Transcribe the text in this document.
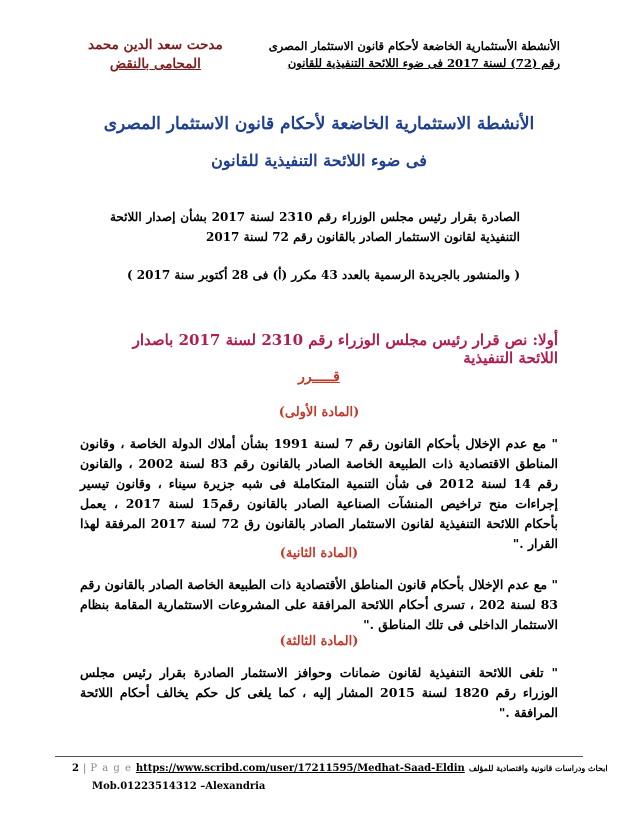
الأنشطة الأستثمارية الخاضعة لأحكام قانون الاستثمار المصرى
رقم (72) لسنة 2017 فى ضوء اللائحة التنفيذية للقانون
مدحت سعد الدين محمد
المحامى بالنقض
الأنشطة الاستثمارية الخاضعة لأحكام قانون الاستثمار المصرى
فى ضوء اللائحة التنفيذية للقانون
الصادرة بقرار رئيس مجلس الوزراء رقم 2310 لسنة 2017 بشأن إصدار اللائحة التنفيذية لقانون الاستثمار الصادر بالقانون رقم 72 لسنة 2017
( والمنشور بالجريدة الرسمية بالعدد 43 مكرر (أ) فى 28 أكتوبر سنة 2017 )
أولا: نص قرار رئيس مجلس الوزراء رقم 2310 لسنة 2017 باصدار اللائحة التنفيذية
قـــــرر
(المادة الأولى)
" مع عدم الإخلال بأحكام القانون رقم 7 لسنة 1991 بشأن أملاك الدولة الخاصة ، وقانون المناطق الاقتصادية ذات الطبيعة الخاصة الصادر بالقانون رقم 83 لسنة 2002 ، والقانون رقم 14 لسنة 2012 فى شأن التنمية المتكاملة فى شبه جزيرة سيناء ، وقانون تيسير إجراءات منح تراخيص المنشآت الصناعية الصادر بالقانون رقم15 لسنة 2017 ، يعمل بأحكام اللائحة التنفيذية لقانون الاستثمار الصادر بالقانون رق 72 لسنة 2017 المرفقة لهذا القرار ."
(المادة الثانية)
" مع عدم الإخلال بأحكام قانون المناطق الأقتصادية ذات الطبيعة الخاصة الصادر بالقانون رقم 83 لسنة 202 ، تسرى أحكام اللائحة المرافقة على المشروعات الاستثمارية المقامة بنظام الاستثمار الداخلى فى تلك المناطق ."
(المادة الثالثة)
" تلغى اللائحة التنفيذية لقانون ضمانات وحوافز الاستثمار الصادرة بقرار رئيس مجلس الوزراء رقم 1820 لسنة 2015 المشار إليه ، كما يلغى كل حكم يخالف أحكام اللائحة المرافقة ."
2 | P a g e https://www.scribd.com/user/17211595/Medhat-Saad-Eldin ابحاث ودراسات قانونية واقتصادية للمؤلف
Mob.01223514312 –Alexandria
